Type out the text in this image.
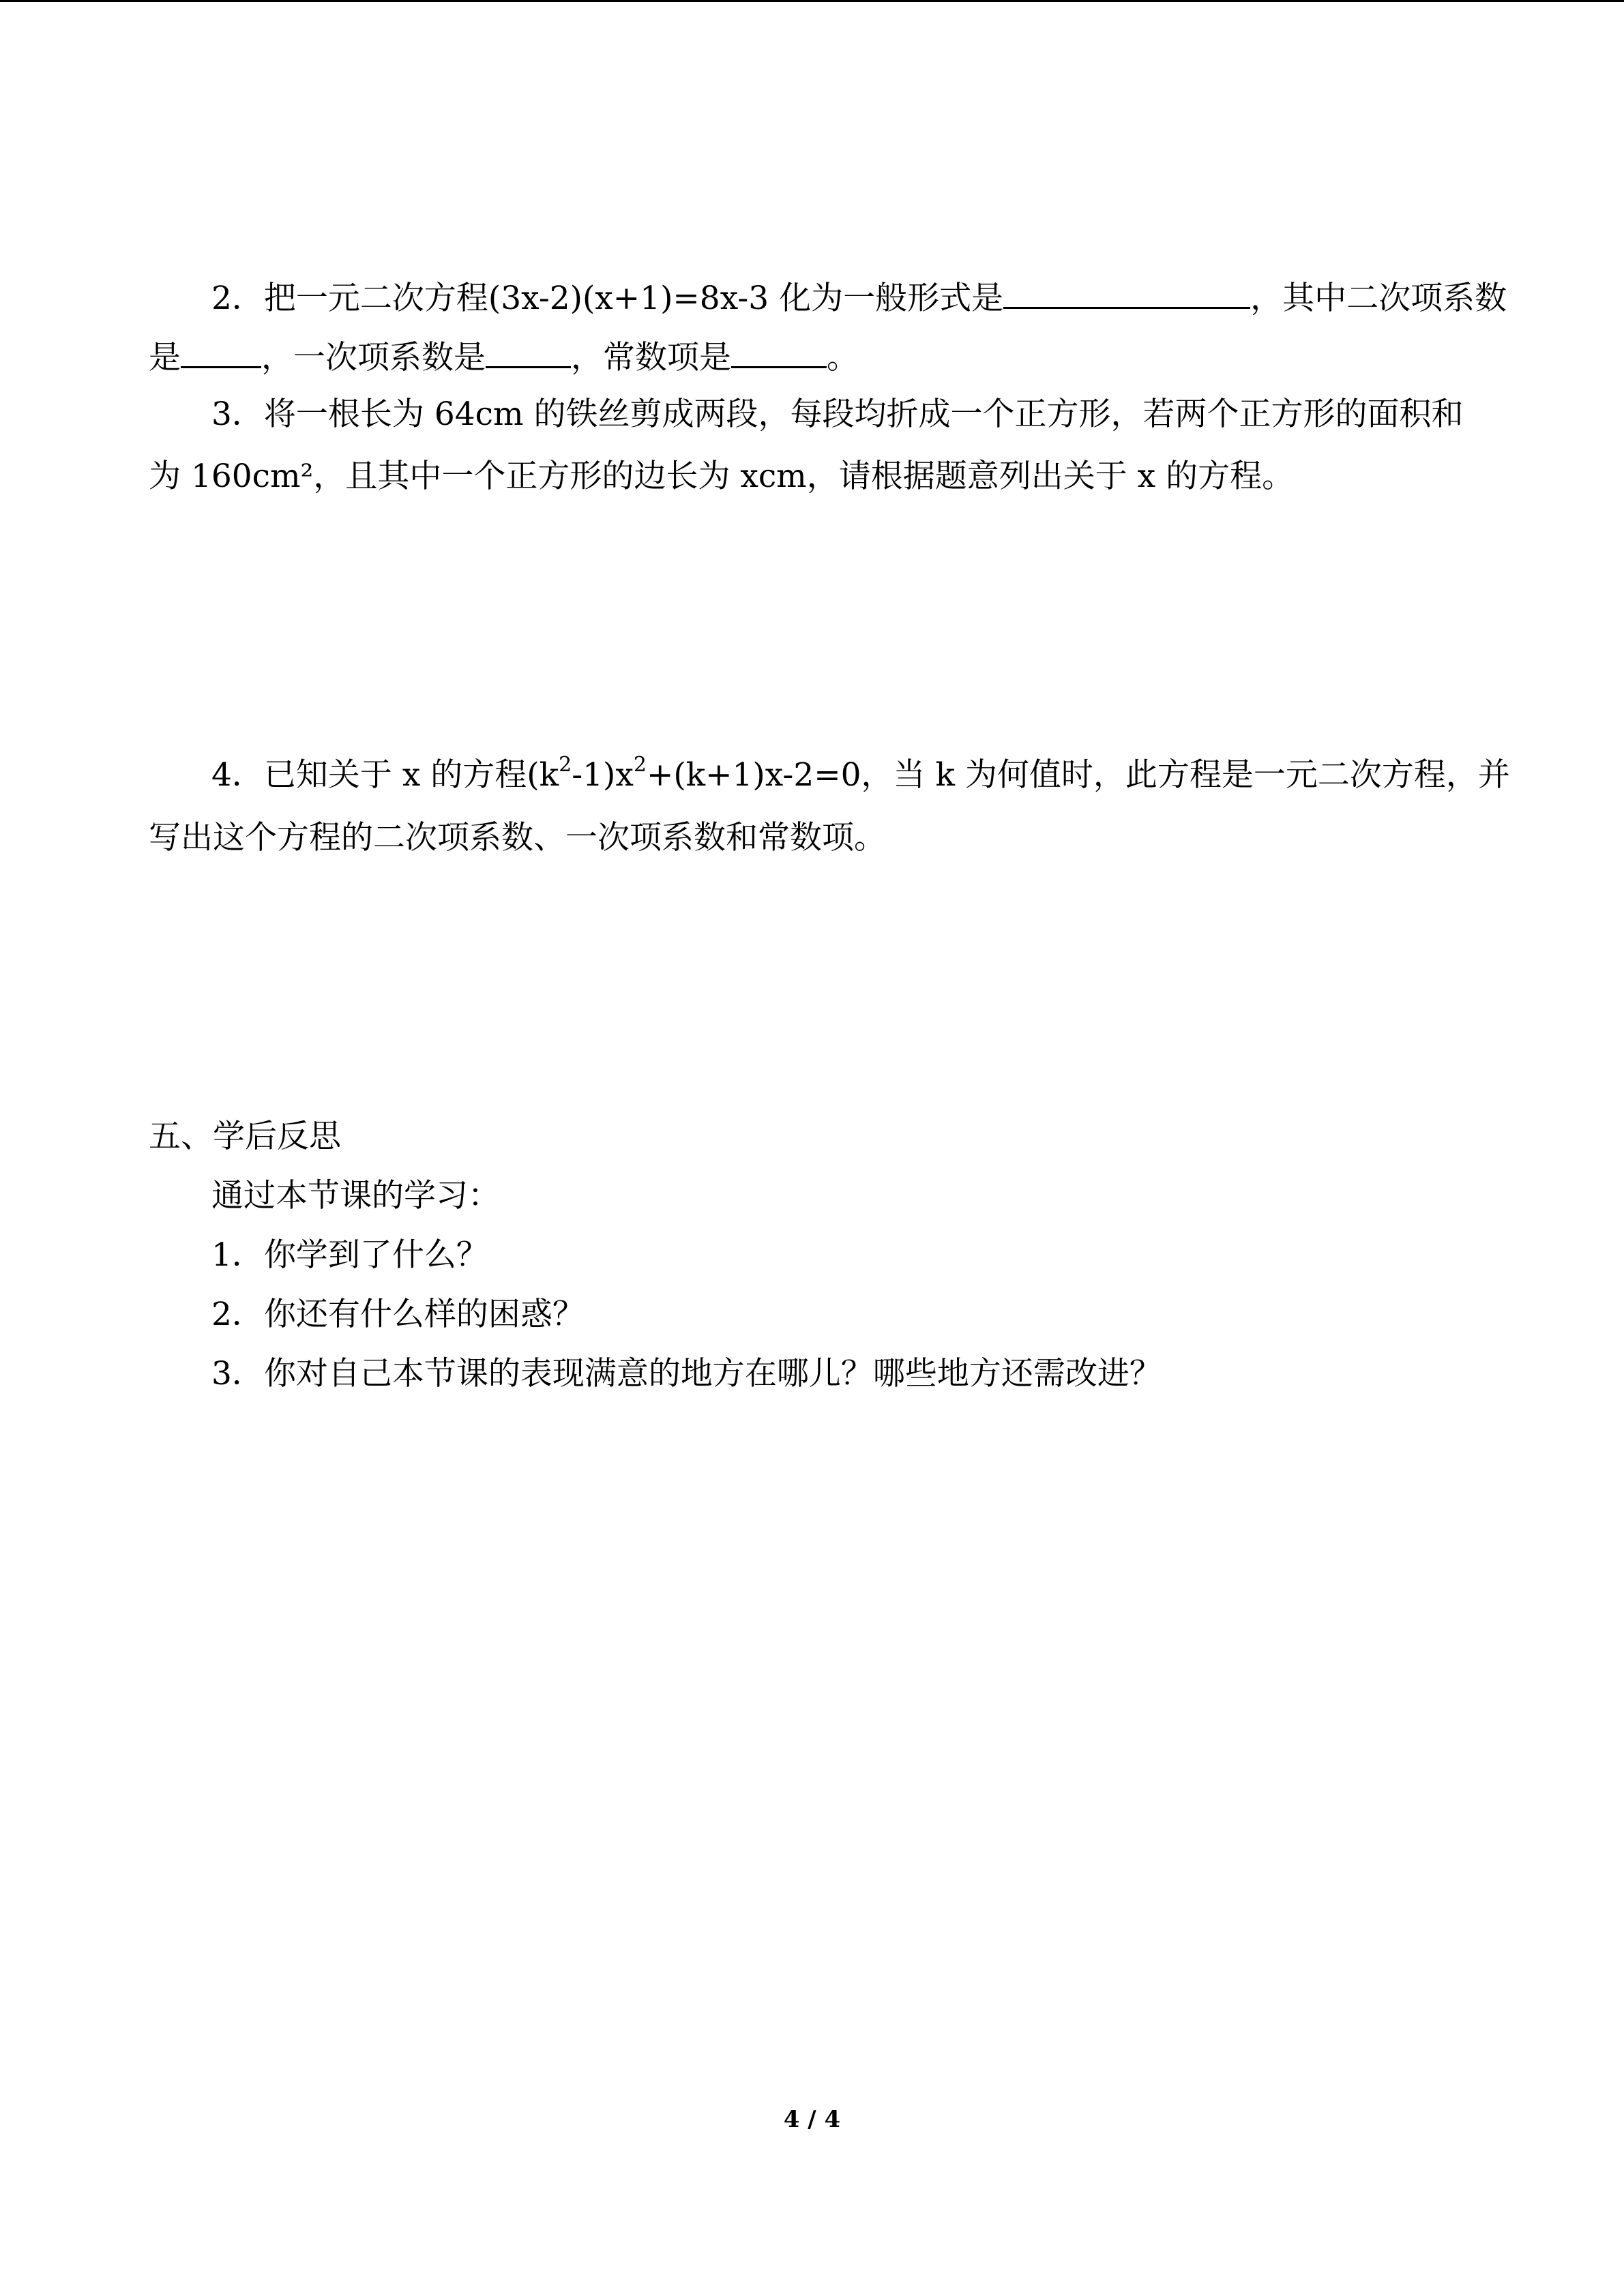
2．把一元二次方程(3x-2)(x+1)=8x-3 化为一般形式是	，其中二次项系数
是	，一次项系数是	，常数项是	。
3．将一根长为 64cm 的铁丝剪成两段，每段均折成一个正方形，若两个正方形的面积和
为 160cm²，且其中一个正方形的边长为 xcm，请根据题意列出关于 x 的方程。
4．已知关于 x 的方程$(k^2-1)x^2+(k+1)x-2=0$，当 k 为何值时，此方程是一元二次方程，并
写出这个方程的二次项系数、一次项系数和常数项。
五、学后反思
通过本节课的学习：
1．你学到了什么？
2．你还有什么样的困惑？
3．你对自己本节课的表现满意的地方在哪儿？哪些地方还需改进？
4 / 4
